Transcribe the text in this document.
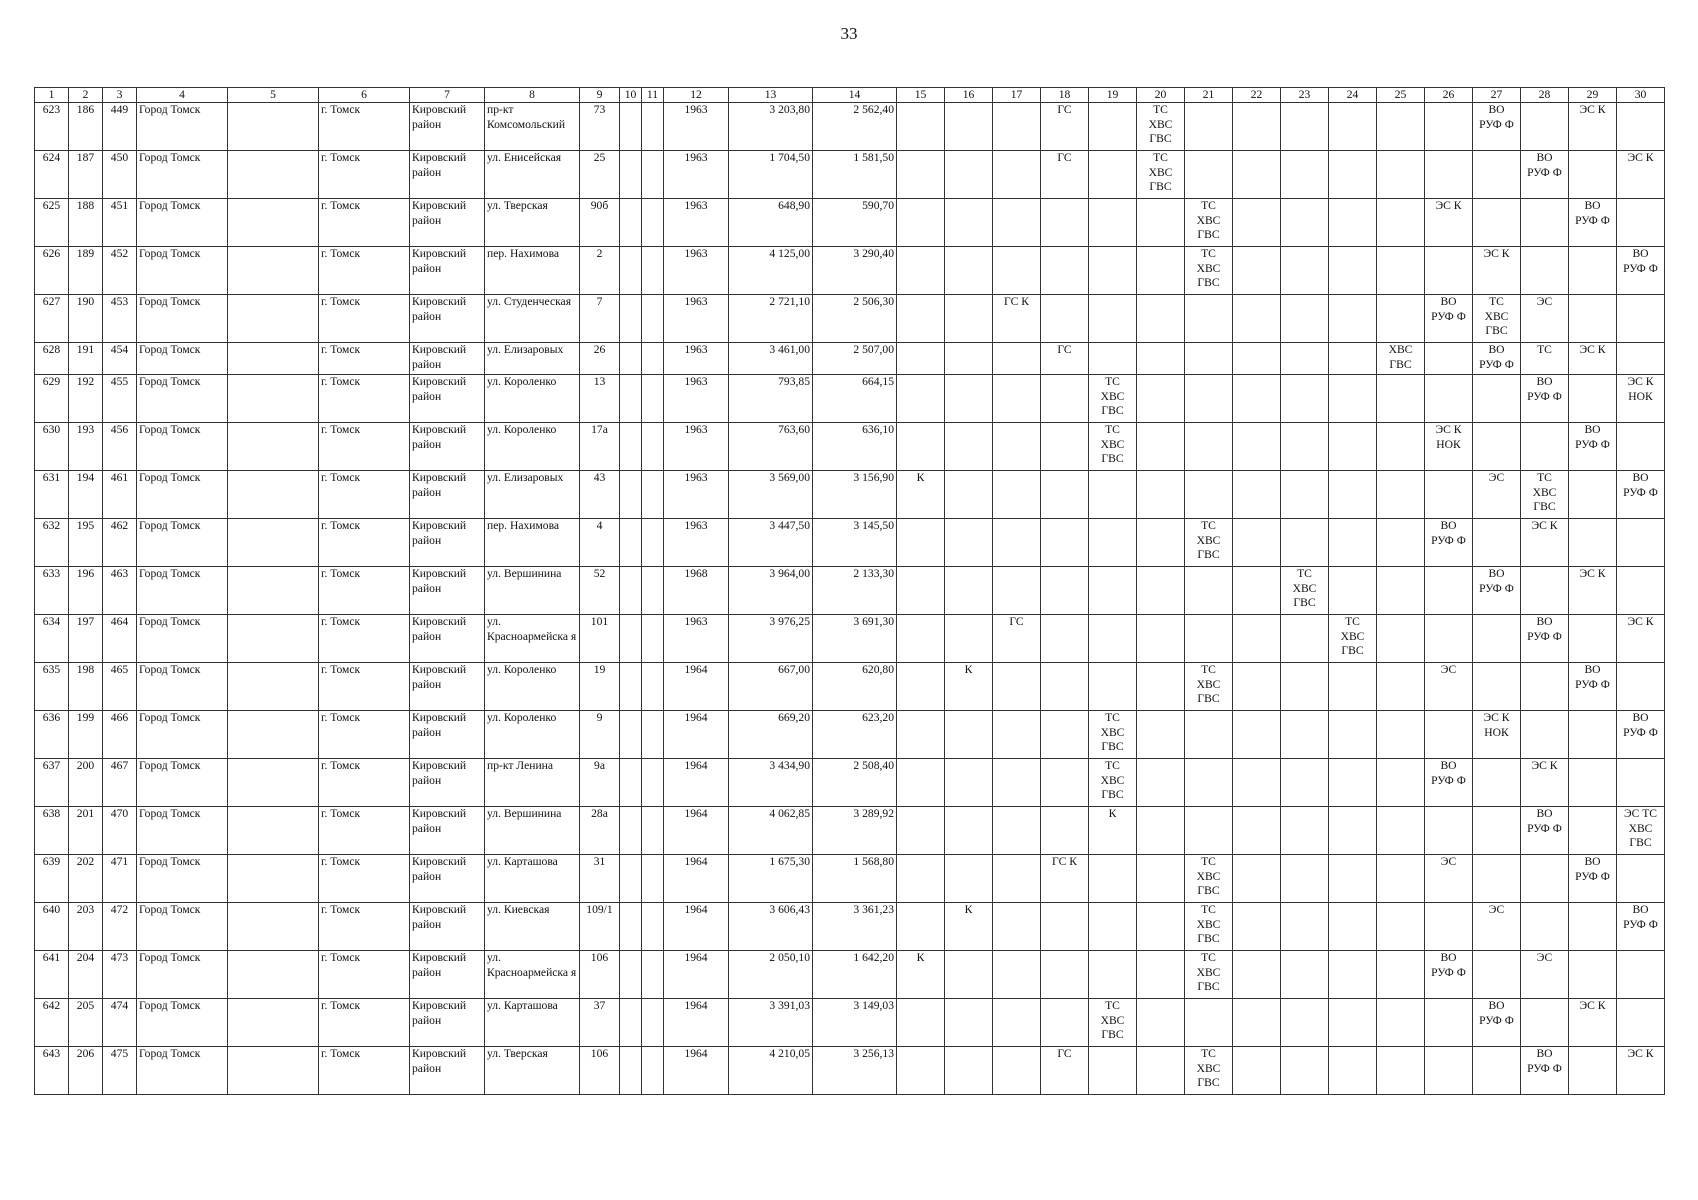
33
1	2	3	4	5	6	7	8	9	10	11	12	13	14	15	16	17	18	19	20	21	22	23	24	25	26	27	28	29	30
623	186	449	Город Томск		г. Томск	Кировский район	пр-кт Комсомольский	73			1963	3 203,80	2 562,40				ГС		ТС
ХВС
ГВС							ВО
РУФ Ф		ЭС К	
624	187	450	Город Томск		г. Томск	Кировский район	ул. Енисейская	25			1963	1 704,50	1 581,50				ГС		ТС
ХВС
ГВС								ВО
РУФ Ф		ЭС К
625	188	451	Город Томск		г. Томск	Кировский район	ул. Тверская	90б			1963	648,90	590,70							ТС
ХВС
ГВС					ЭС К			ВО
РУФ Ф	
626	189	452	Город Томск		г. Томск	Кировский район	пер. Нахимова	2			1963	4 125,00	3 290,40							ТС
ХВС
ГВС						ЭС К			ВО
РУФ Ф
627	190	453	Город Томск		г. Томск	Кировский район	ул. Студенческая	7			1963	2 721,10	2 506,30			ГС К									ВО
РУФ Ф	ТС
ХВС
ГВС	ЭС		
628	191	454	Город Томск		г. Томск	Кировский район	ул. Елизаровых	26			1963	3 461,00	2 507,00				ГС							ХВС
ГВС		ВО
РУФ Ф	ТС	ЭС К	
629	192	455	Город Томск		г. Томск	Кировский район	ул. Короленко	13			1963	793,85	664,15					ТС
ХВС
ГВС									ВО
РУФ Ф		ЭС К
НОК
630	193	456	Город Томск		г. Томск	Кировский район	ул. Короленко	17а			1963	763,60	636,10					ТС
ХВС
ГВС							ЭС К
НОК			ВО
РУФ Ф	
631	194	461	Город Томск		г. Томск	Кировский район	ул. Елизаровых	43			1963	3 569,00	3 156,90	К												ЭС	ТС
ХВС
ГВС		ВО
РУФ Ф
632	195	462	Город Томск		г. Томск	Кировский район	пер. Нахимова	4			1963	3 447,50	3 145,50							ТС
ХВС
ГВС					ВО
РУФ Ф		ЭС К		
633	196	463	Город Томск		г. Томск	Кировский район	ул. Вершинина	52			1968	3 964,00	2 133,30									ТС
ХВС
ГВС				ВО
РУФ Ф		ЭС К	
634	197	464	Город Томск		г. Томск	Кировский район	ул. Красноармейска я	101			1963	3 976,25	3 691,30			ГС							ТС
ХВС
ГВС				ВО
РУФ Ф		ЭС К
635	198	465	Город Томск		г. Томск	Кировский район	ул. Короленко	19			1964	667,00	620,80		К					ТС
ХВС
ГВС					ЭС			ВО
РУФ Ф	
636	199	466	Город Томск		г. Томск	Кировский район	ул. Короленко	9			1964	669,20	623,20					ТС
ХВС
ГВС								ЭС К
НОК			ВО
РУФ Ф
637	200	467	Город Томск		г. Томск	Кировский район	пр-кт Ленина	9а			1964	3 434,90	2 508,40					ТС
ХВС
ГВС							ВО
РУФ Ф		ЭС К		
638	201	470	Город Томск		г. Томск	Кировский район	ул. Вершинина	28а			1964	4 062,85	3 289,92					К									ВО
РУФ Ф		ЭС ТС
ХВС
ГВС
639	202	471	Город Томск		г. Томск	Кировский район	ул. Карташова	31			1964	1 675,30	1 568,80				ГС К			ТС
ХВС
ГВС					ЭС			ВО
РУФ Ф	
640	203	472	Город Томск		г. Томск	Кировский район	ул. Киевская	109/1			1964	3 606,43	3 361,23		К					ТС
ХВС
ГВС						ЭС			ВО
РУФ Ф
641	204	473	Город Томск		г. Томск	Кировский район	ул. Красноармейска я	106			1964	2 050,10	1 642,20	К						ТС
ХВС
ГВС					ВО
РУФ Ф		ЭС		
642	205	474	Город Томск		г. Томск	Кировский район	ул. Карташова	37			1964	3 391,03	3 149,03					ТС
ХВС
ГВС								ВО
РУФ Ф		ЭС К	
643	206	475	Город Томск		г. Томск	Кировский район	ул. Тверская	106			1964	4 210,05	3 256,13				ГС			ТС
ХВС
ГВС							ВО
РУФ Ф		ЭС К
